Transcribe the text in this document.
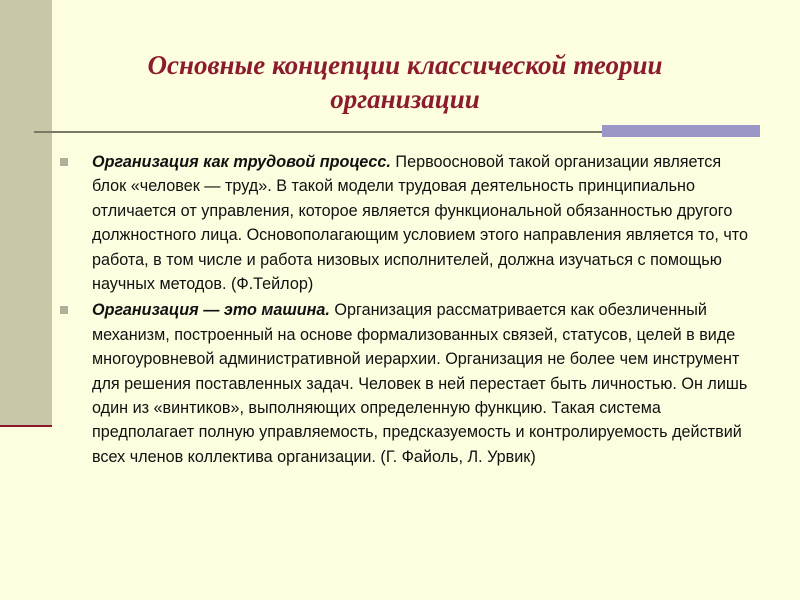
Основные концепции классической теории
организации
Организация как трудовой процесс. Первоосновой такой организации является блок «человек — труд». В такой модели трудовая деятельность принципиально отличается от управления, которое является функциональной обязанностью другого должностного лица. Основополагающим условием этого направления является то, что работа, в том числе и работа низовых исполнителей, должна изучаться с помощью научных методов. (Ф.Тейлор)
Организация — это машина. Организация рассматривается как обезличенный механизм, построенный на основе формализованных связей, статусов, целей в виде многоуровневой административной иерархии. Организация не более чем инструмент для решения поставленных задач. Человек в ней перестает быть личностью. Он лишь один из «винтиков», выполняющих определенную функцию. Такая система предполагает полную управляемость, предсказуемость и контролируемость действий всех членов коллектива организации. (Г. Файоль, Л. Урвик)
